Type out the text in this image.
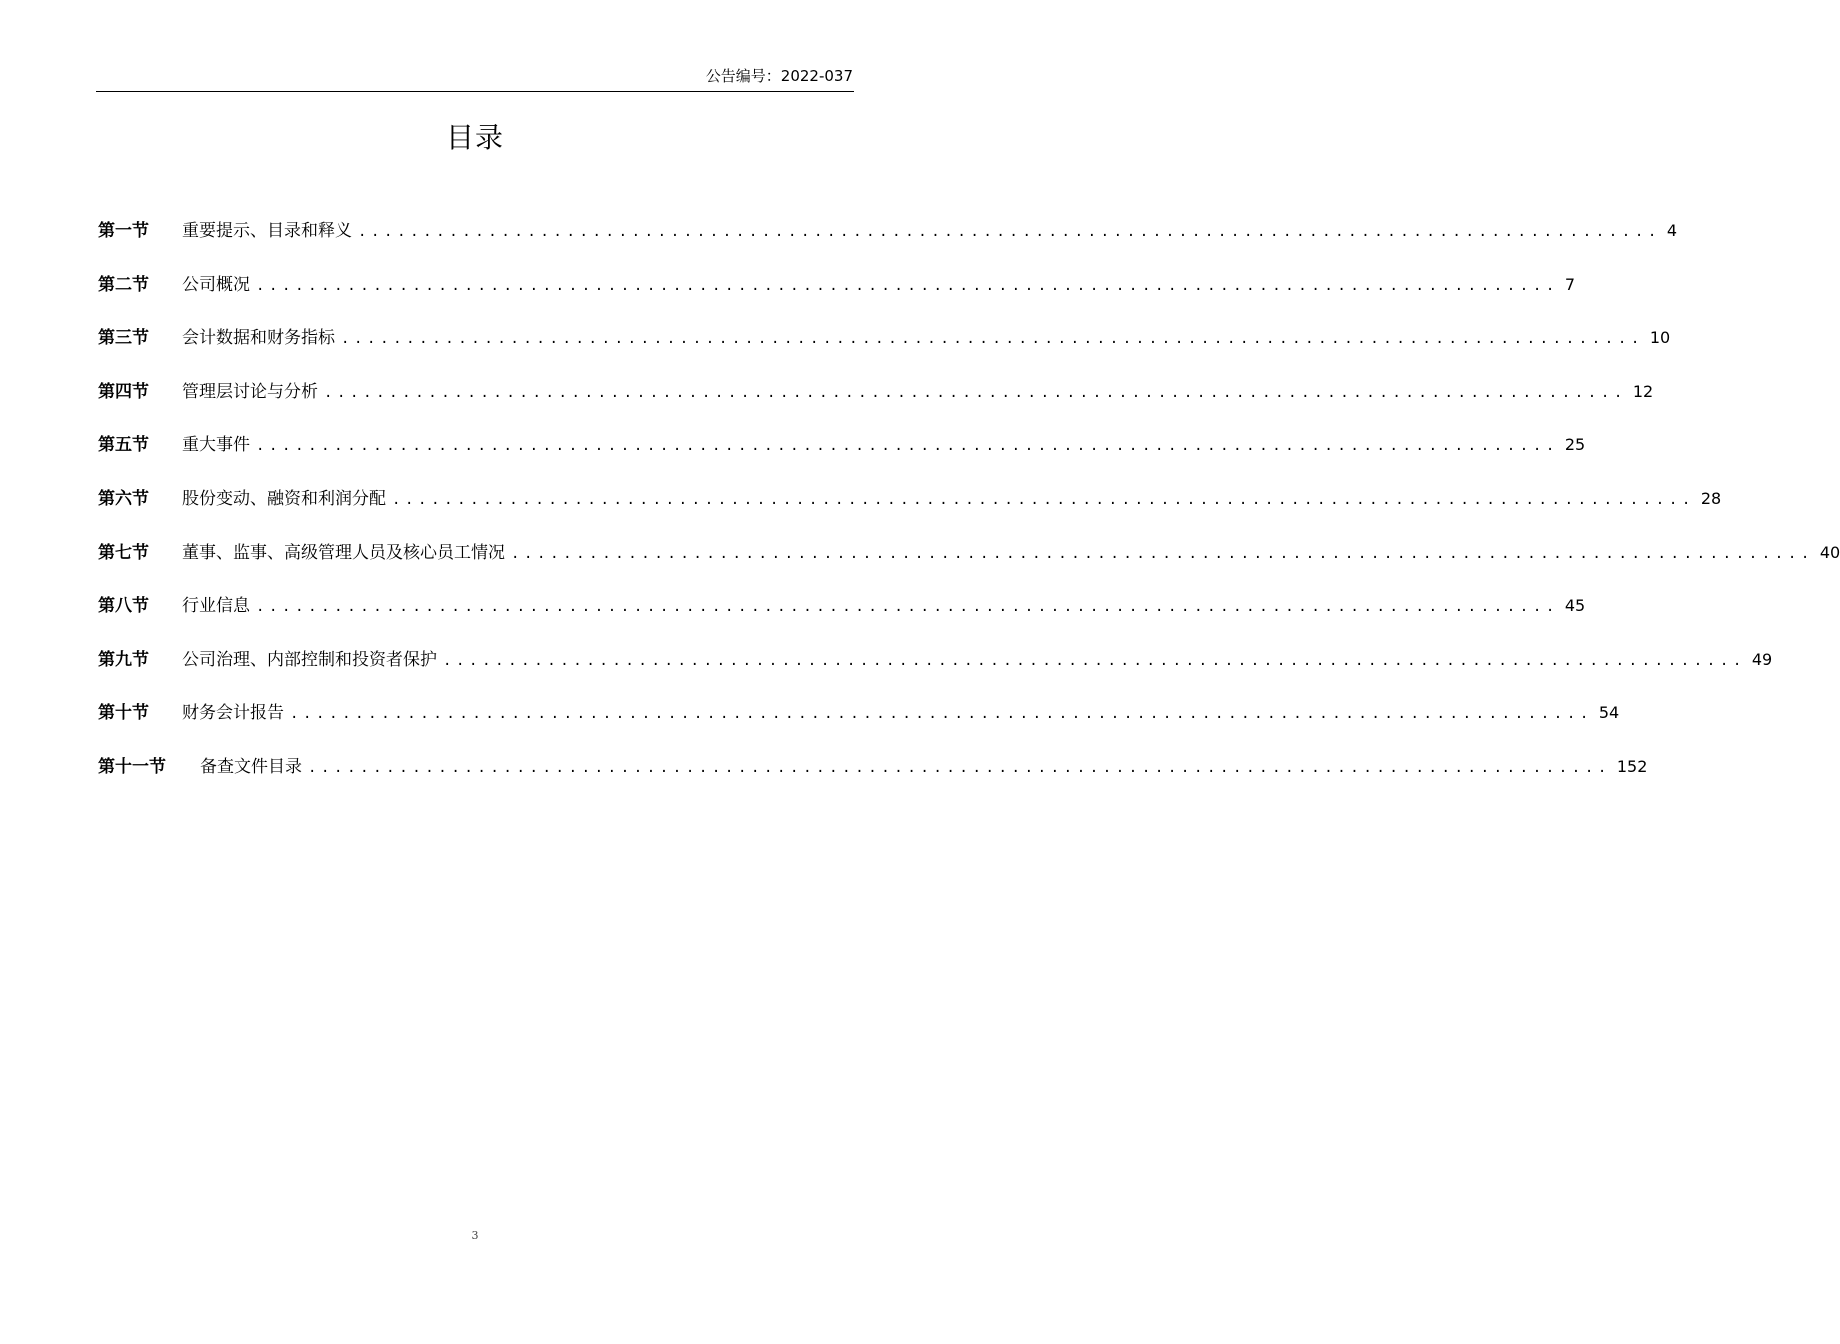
公告编号：2022-037
目录
第一节	重要提示、目录和释义 .................................................................................................... 4
第二节	公司概况 .................................................................................................... 7
第三节	会计数据和财务指标 .................................................................................................... 10
第四节	管理层讨论与分析 .................................................................................................... 12
第五节	重大事件 .................................................................................................... 25
第六节	股份变动、融资和利润分配 .................................................................................................... 28
第七节	董事、监事、高级管理人员及核心员工情况 .................................................................................................... 40
第八节	行业信息 .................................................................................................... 45
第九节	公司治理、内部控制和投资者保护 .................................................................................................... 49
第十节	财务会计报告 .................................................................................................... 54
第十一节	备查文件目录 .................................................................................................... 152
3
